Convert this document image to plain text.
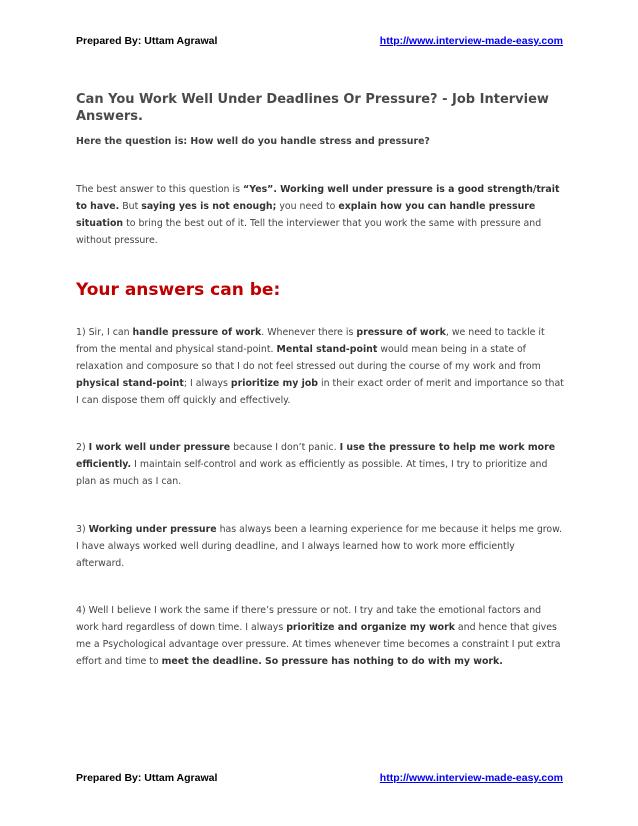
Prepared By: Uttam Agrawal	http://www.interview-made-easy.com
Can You Work Well Under Deadlines Or Pressure? - Job Interview Answers.

Here the question is: How well do you handle stress and pressure?

The best answer to this question is “Yes”. Working well under pressure is a good strength/trait to have. But saying yes is not enough; you need to explain how you can handle pressure situation to bring the best out of it. Tell the interviewer that you work the same with pressure and without pressure.

Your answers can be:

1) Sir, I can handle pressure of work. Whenever there is pressure of work, we need to tackle it from the mental and physical stand-point. Mental stand-point would mean being in a state of relaxation and composure so that I do not feel stressed out during the course of my work and from physical stand-point; I always prioritize my job in their exact order of merit and importance so that I can dispose them off quickly and effectively.

2) I work well under pressure because I don’t panic. I use the pressure to help me work more efficiently. I maintain self-control and work as efficiently as possible. At times, I try to prioritize and plan as much as I can.

3) Working under pressure has always been a learning experience for me because it helps me grow. I have always worked well during deadline, and I always learned how to work more efficiently afterward.

4) Well I believe I work the same if there’s pressure or not. I try and take the emotional factors and work hard regardless of down time. I always prioritize and organize my work and hence that gives me a Psychological advantage over pressure. At times whenever time becomes a constraint I put extra effort and time to meet the deadline. So pressure has nothing to do with my work.

Prepared By: Uttam Agrawal	http://www.interview-made-easy.com
